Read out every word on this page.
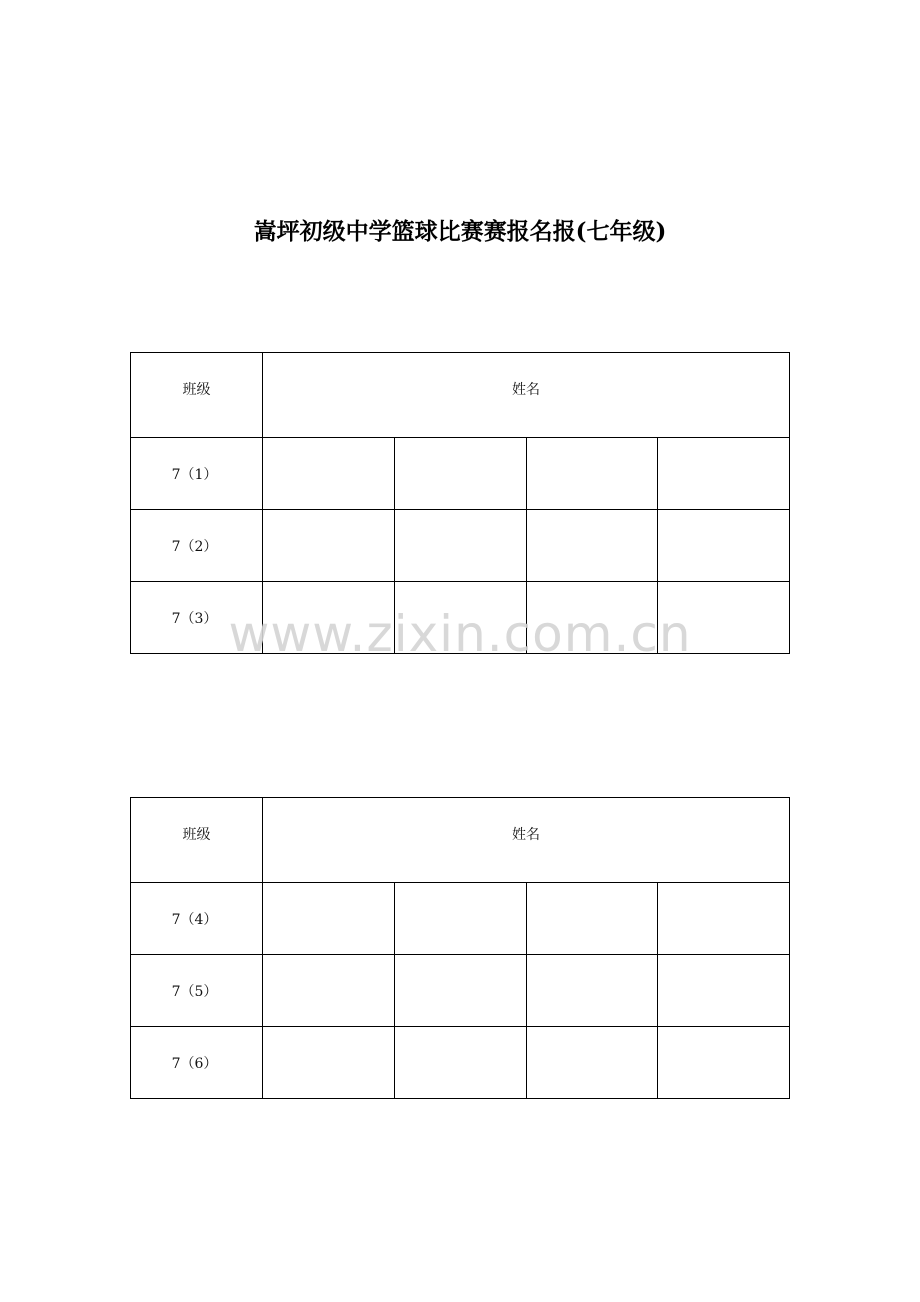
嵩坪初级中学篮球比赛赛报名报(七年级)
班级	姓名			
7（1）				
7（2）				
7（3）				
班级	姓名			
7（4）				
7（5）				
7（6）				
www.zixin.com.cn
